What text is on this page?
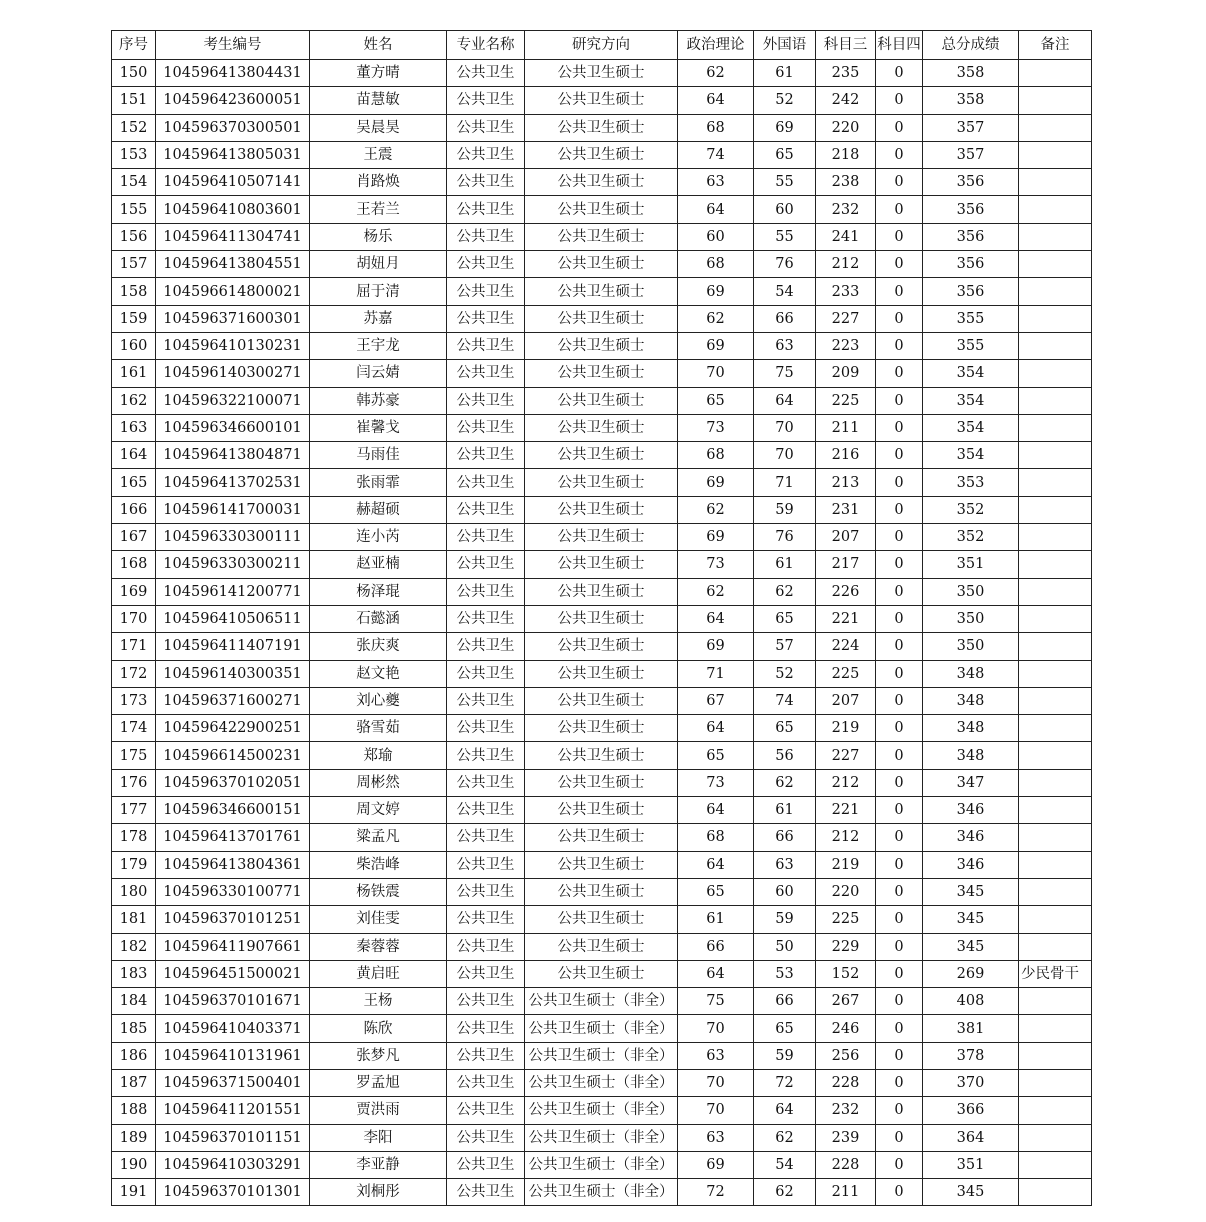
序号	考生编号	姓名	专业名称	研究方向	政治理论	外国语	科目三	科目四	总分成绩	备注
150	104596413804431	董方晴	公共卫生	公共卫生硕士	62	61	235	0	358	
151	104596423600051	苗慧敏	公共卫生	公共卫生硕士	64	52	242	0	358	
152	104596370300501	吴晨昊	公共卫生	公共卫生硕士	68	69	220	0	357	
153	104596413805031	王震	公共卫生	公共卫生硕士	74	65	218	0	357	
154	104596410507141	肖路焕	公共卫生	公共卫生硕士	63	55	238	0	356	
155	104596410803601	王若兰	公共卫生	公共卫生硕士	64	60	232	0	356	
156	104596411304741	杨乐	公共卫生	公共卫生硕士	60	55	241	0	356	
157	104596413804551	胡妞月	公共卫生	公共卫生硕士	68	76	212	0	356	
158	104596614800021	屈于清	公共卫生	公共卫生硕士	69	54	233	0	356	
159	104596371600301	苏嘉	公共卫生	公共卫生硕士	62	66	227	0	355	
160	104596410130231	王宇龙	公共卫生	公共卫生硕士	69	63	223	0	355	
161	104596140300271	闫云婧	公共卫生	公共卫生硕士	70	75	209	0	354	
162	104596322100071	韩苏豪	公共卫生	公共卫生硕士	65	64	225	0	354	
163	104596346600101	崔馨戈	公共卫生	公共卫生硕士	73	70	211	0	354	
164	104596413804871	马雨佳	公共卫生	公共卫生硕士	68	70	216	0	354	
165	104596413702531	张雨霏	公共卫生	公共卫生硕士	69	71	213	0	353	
166	104596141700031	赫超硕	公共卫生	公共卫生硕士	62	59	231	0	352	
167	104596330300111	连小芮	公共卫生	公共卫生硕士	69	76	207	0	352	
168	104596330300211	赵亚楠	公共卫生	公共卫生硕士	73	61	217	0	351	
169	104596141200771	杨泽琨	公共卫生	公共卫生硕士	62	62	226	0	350	
170	104596410506511	石懿涵	公共卫生	公共卫生硕士	64	65	221	0	350	
171	104596411407191	张庆爽	公共卫生	公共卫生硕士	69	57	224	0	350	
172	104596140300351	赵文艳	公共卫生	公共卫生硕士	71	52	225	0	348	
173	104596371600271	刘心夔	公共卫生	公共卫生硕士	67	74	207	0	348	
174	104596422900251	骆雪茹	公共卫生	公共卫生硕士	64	65	219	0	348	
175	104596614500231	郑瑜	公共卫生	公共卫生硕士	65	56	227	0	348	
176	104596370102051	周彬然	公共卫生	公共卫生硕士	73	62	212	0	347	
177	104596346600151	周文婷	公共卫生	公共卫生硕士	64	61	221	0	346	
178	104596413701761	粱孟凡	公共卫生	公共卫生硕士	68	66	212	0	346	
179	104596413804361	柴浩峰	公共卫生	公共卫生硕士	64	63	219	0	346	
180	104596330100771	杨铁震	公共卫生	公共卫生硕士	65	60	220	0	345	
181	104596370101251	刘佳雯	公共卫生	公共卫生硕士	61	59	225	0	345	
182	104596411907661	秦蓉蓉	公共卫生	公共卫生硕士	66	50	229	0	345	
183	104596451500021	黄启旺	公共卫生	公共卫生硕士	64	53	152	0	269	少民骨干
184	104596370101671	王杨	公共卫生	公共卫生硕士（非全）	75	66	267	0	408	
185	104596410403371	陈欣	公共卫生	公共卫生硕士（非全）	70	65	246	0	381	
186	104596410131961	张梦凡	公共卫生	公共卫生硕士（非全）	63	59	256	0	378	
187	104596371500401	罗孟旭	公共卫生	公共卫生硕士（非全）	70	72	228	0	370	
188	104596411201551	贾洪雨	公共卫生	公共卫生硕士（非全）	70	64	232	0	366	
189	104596370101151	李阳	公共卫生	公共卫生硕士（非全）	63	62	239	0	364	
190	104596410303291	李亚静	公共卫生	公共卫生硕士（非全）	69	54	228	0	351	
191	104596370101301	刘桐彤	公共卫生	公共卫生硕士（非全）	72	62	211	0	345	
